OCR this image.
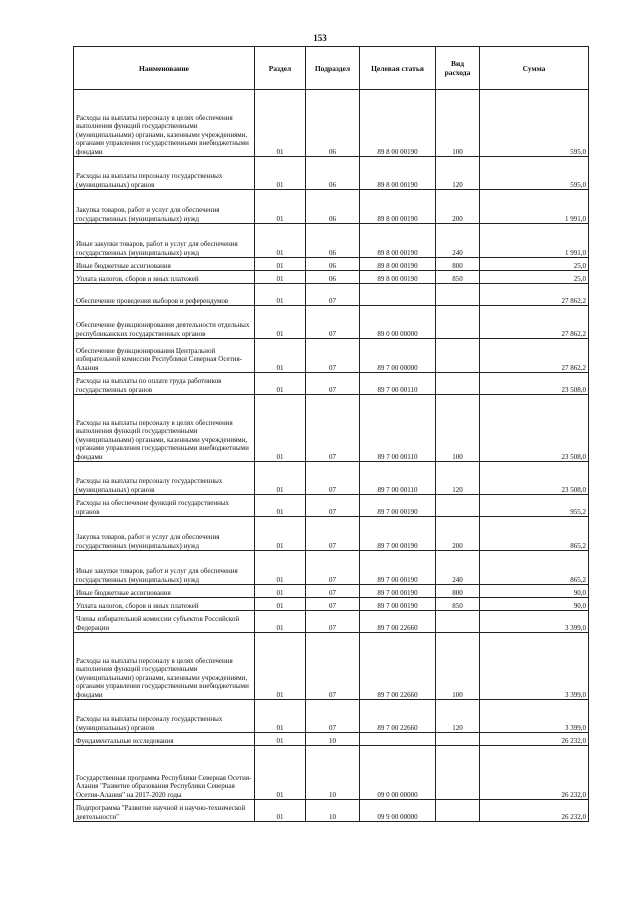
153
Наименование	Раздел	Подраздел	Целевая статья	Вид расхода	Сумма
Расходы на выплаты персоналу в целях обеспечения выполнения функций государственными (муниципальными) органами, казенными учреждениями, органами управления государственными внебюджетными фондами	01	06	89 8 00 00190	100	595,0
Расходы на выплаты персоналу государственных (муниципальных) органов	01	06	89 8 00 00190	120	595,0
Закупка товаров, работ и услуг для обеспечения государственных (муниципальных) нужд	01	06	89 8 00 00190	200	1 991,0
Иные закупки товаров, работ и услуг для обеспечения государственных (муниципальных) нужд	01	06	89 8 00 00190	240	1 991,0
Иные бюджетные ассигнования	01	06	89 8 00 00190	800	25,0
Уплата налогов, сборов и иных платежей	01	06	89 8 00 00190	850	25,0
Обеспечение проведения выборов и референдумов	01	07			27 862,2
Обеспечение функционирования деятельности отдельных республиканских государственных органов	01	07	89 0 00 00000		27 862,2
Обеспечение функционирования Центральной избирательной комиссии Республики Северная Осетия-Алания	01	07	89 7 00 00000		27 862,2
Расходы на выплаты по оплате труда работников государственных органов	01	07	89 7 00 00110		23 508,0
Расходы на выплаты персоналу в целях обеспечения выполнения функций государственными (муниципальными) органами, казенными учреждениями, органами управления государственными внебюджетными фондами	01	07	89 7 00 00110	100	23 508,0
Расходы на выплаты персоналу государственных (муниципальных) органов	01	07	89 7 00 00110	120	23 508,0
Расходы на обеспечение функций государственных органов	01	07	89 7 00 00190		955,2
Закупка товаров, работ и услуг для обеспечения государственных (муниципальных) нужд	01	07	89 7 00 00190	200	865,2
Иные закупки товаров, работ и услуг для обеспечения государственных (муниципальных) нужд	01	07	89 7 00 00190	240	865,2
Иные бюджетные ассигнования	01	07	89 7 00 00190	800	90,0
Уплата налогов, сборов и иных платежей	01	07	89 7 00 00190	850	90,0
Члены избирательной комиссии субъектов Российской Федерации	01	07	89 7 00 22660		3 399,0
Расходы на выплаты персоналу в целях обеспечения выполнения функций государственными (муниципальными) органами, казенными учреждениями, органами управления государственными внебюджетными фондами	01	07	89 7 00 22660	100	3 399,0
Расходы на выплаты персоналу государственных (муниципальных) органов	01	07	89 7 00 22660	120	3 399,0
Фундаментальные исследования	01	10			26 232,0
Государственная программа Республики Северная Осетия-Алания "Развитие образования Республики Северная Осетия-Алания" на 2017-2020 годы	01	10	09 0 00 00000		26 232,0
Подпрограмма "Развитие научной и научно-технической деятельности"	01	10	09 9 00 00000		26 232,0
